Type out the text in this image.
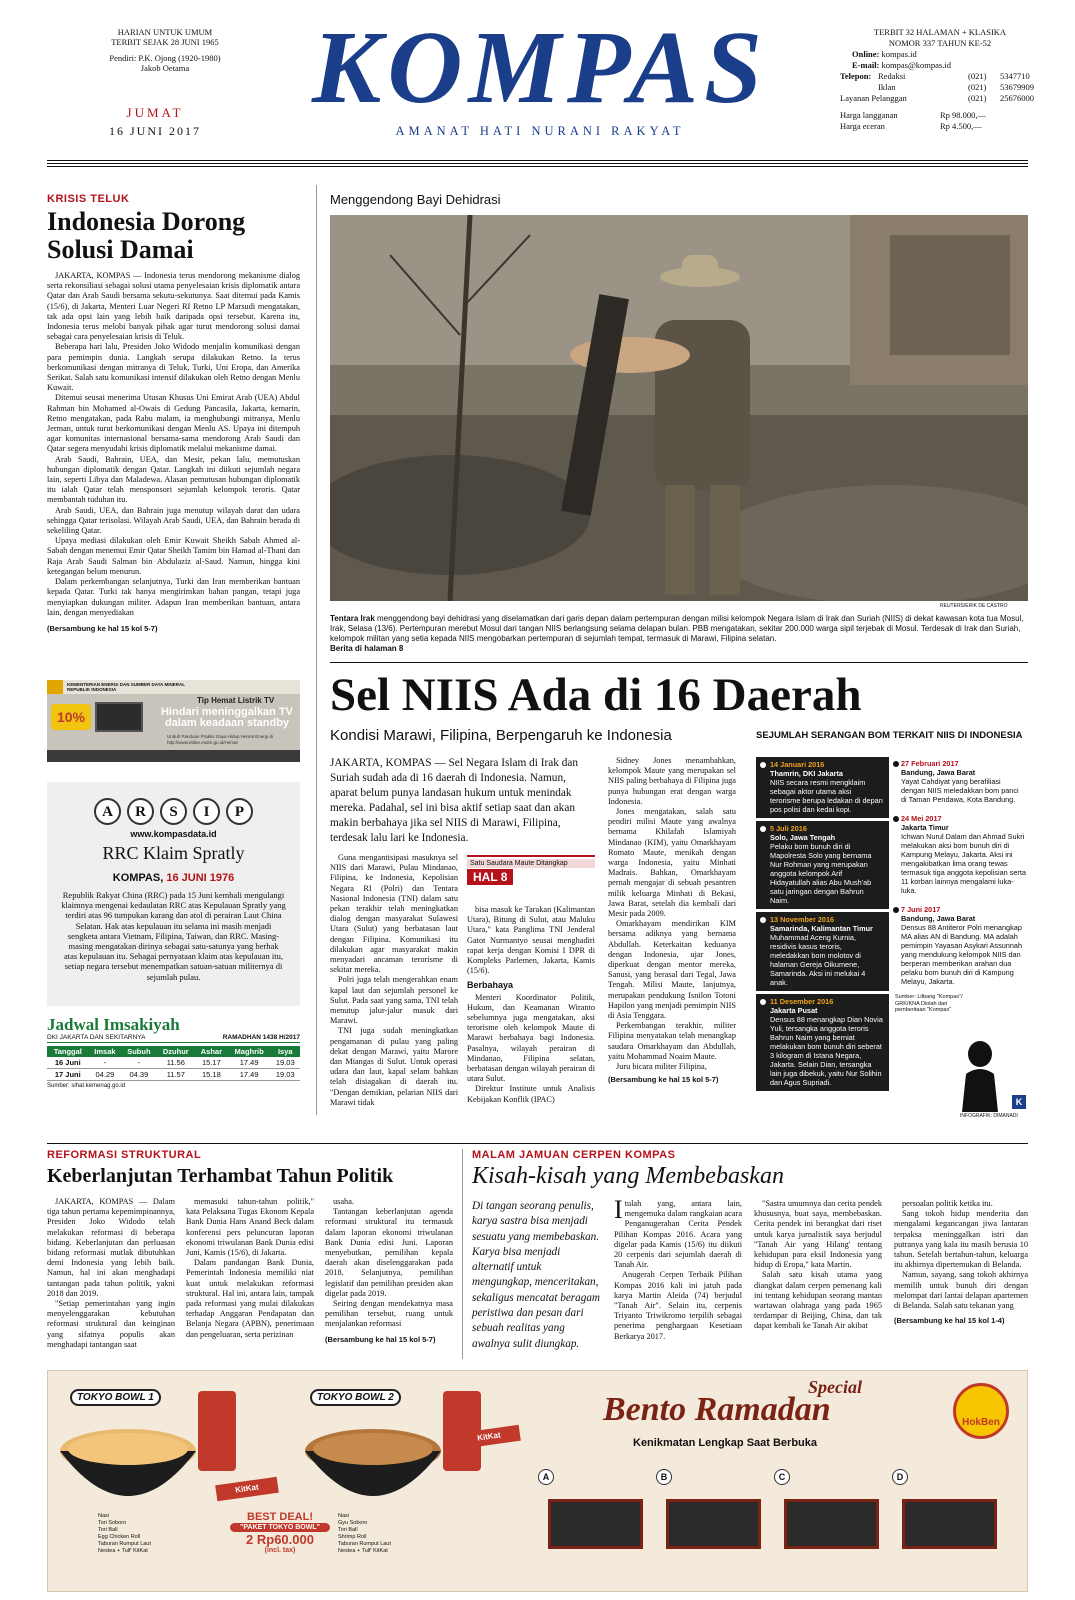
HARIAN UNTUK UMUM
TERBIT SEJAK 28 JUNI 1965
Pendiri: P.K. Ojong (1920-1980)
Jakob Oetama
JUMAT
16 JUNI 2017
KOMPAS
AMANAT HATI NURANI RAKYAT
TERBIT 32 HALAMAN + KLASIKA
NOMOR 337 TAHUN KE-52
Online: kompas.id
E-mail: kompas@kompas.id
Telepon: Redaksi	(021)	5347710
Iklan	(021)	53679909
Layanan Pelanggan	(021)	25676000
Harga langganan	Rp 98.000,—
Harga eceran	Rp 4.500,—
KRISIS TELUK
Indonesia Dorong Solusi Damai

JAKARTA, KOMPAS — Indonesia terus mendorong mekanisme dialog serta rekonsiliasi sebagai solusi utama penyelesaian krisis diplomatik antara Qatar dan Arab Saudi bersama sekutu-sekutunya. Saat ditemui pada Kamis (15/6), di Jakarta, Menteri Luar Negeri RI Retno LP Marsudi mengatakan, tak ada opsi lain yang lebih baik daripada opsi tersebut. Karena itu, Indonesia terus melobi banyak pihak agar turut mendorong solusi damai sebagai cara penyelesaian krisis di Teluk.

Beberapa hari lalu, Presiden Joko Widodo menjalin komunikasi dengan para pemimpin dunia. Langkah serupa dilakukan Retno. Ia terus berkomunikasi dengan mitranya di Teluk, Turki, Uni Eropa, dan Amerika Serikat. Salah satu komunikasi intensif dilakukan oleh Retno dengan Menlu Kuwait.

Ditemui seusai menerima Utusan Khusus Uni Emirat Arab (UEA) Abdul Rahman bin Mohamed al-Owais di Gedung Pancasila, Jakarta, kemarin, Retno mengatakan, pada Rabu malam, ia menghubungi mitranya, Menlu Jerman, untuk turut berkomunikasi dengan Menlu AS. Upaya ini ditempuh agar komunitas internasional bersama-sama mendorong Arab Saudi dan Qatar segera menyudahi krisis diplomatik melalui mekanisme damai.

Arab Saudi, Bahrain, UEA, dan Mesir, pekan lalu, memutuskan hubungan diplomatik dengan Qatar. Langkah ini diikuti sejumlah negara lain, seperti Libya dan Maladewa. Alasan pemutusan hubungan diplomatik itu ialah Qatar telah mensponsori sejumlah kelompok teroris. Qatar membantah tuduhan itu.

Arab Saudi, UEA, dan Bahrain juga menutup wilayah darat dan udara sehingga Qatar terisolasi. Wilayah Arab Saudi, UEA, dan Bahrain berada di sekeliling Qatar.

Upaya mediasi dilakukan oleh Emir Kuwait Sheikh Sabah Ahmed al-Sabah dengan menemui Emir Qatar Sheikh Tamim bin Hamad al-Thani dan Raja Arab Saudi Salman bin Abdulaziz al-Saud. Namun, hingga kini ketegangan belum menurun.

Dalam perkembangan selanjutnya, Turki dan Iran memberikan bantuan kepada Qatar. Turki tak hanya mengirimkan bahan pangan, tetapi juga menyiapkan dukungan militer. Adapun Iran memberikan bantuan, antara lain, dengan menyediakan

(Bersambung ke hal 15 kol 5-7)
KEMENTERIAN ENERGI DAN SUMBER DAYA MINERAL REPUBLIK INDONESIA
10%
Tip Hemat Listrik TV
Hindari meninggalkan TV
dalam keadaan standby
Unduh Panduan Praktis Gaya Hidup Hemat Energi di http://www.ebtke.esdm.go.id/Hemat
A	R	S	I	P
www.kompasdata.id
RRC Klaim Spratly
KOMPAS, 16 JUNI 1976
Republik Rakyat China (RRC) pada 15 Juni kembali mengulangi klaimnya mengenai kedaulatan RRC atas Kepulauan Spratly yang terdiri atas 96 tumpukan karang dan atol di perairan Laut China Selatan. Hak atas kepulauan itu selama ini masih menjadi sengketa antara Vietnam, Filipina, Taiwan, dan RRC. Masing-masing mengatakan dirinya sebagai satu-satunya yang berhak atas kepulauan itu. Sebagai pernyataan klaim atas kepulauan itu, setiap negara tersebut menempatkan satuan-satuan militernya di sejumlah pulau.
Jadwal Imsakiyah
DKI JAKARTA DAN SEKITARNYA	RAMADHAN 1438 H/2017
Tanggal	Imsak	Subuh	Dzuhur	Ashar	Maghrib	Isya
16 Juni	-	-	11.56	15.17	17.49	19.03
17 Juni	04.29	04.39	11.57	15.18	17.49	19.03
Sumber: sihat.kemenag.go.id
Menggendong Bayi Dehidrasi
REUTERS/ERIK DE CASTRO
Tentara Irak menggendong bayi dehidrasi yang diselamatkan dari garis depan dalam pertempuran dengan milisi kelompok Negara Islam di Irak dan Suriah (NIIS) di dekat kawasan kota tua Mosul, Irak, Selasa (13/6). Pertempuran merebut Mosul dari tangan NIIS berlangsung selama delapan bulan. PBB mengatakan, sekitar 200.000 warga sipil terjebak di Mosul. Terdesak di Irak dan Suriah, kelompok militan yang setia kepada NIIS mengobarkan pertempuran di sejumlah tempat, termasuk di Marawi, Filipina selatan.
Berita di halaman 8
Sel NIIS Ada di 16 Daerah
Kondisi Marawi, Filipina, Berpengaruh ke Indonesia
JAKARTA, KOMPAS — Sel Negara Islam di Irak dan Suriah sudah ada di 16 daerah di Indonesia. Namun, aparat belum punya landasan hukum untuk menindak mereka. Padahal, sel ini bisa aktif setiap saat dan akan makin berbahaya jika sel NIIS di Marawi, Filipina, terdesak lalu lari ke Indonesia.

Guna mengantisipasi masuknya sel NIIS dari Marawi, Pulau Mindanao, Filipina, ke Indonesia, Kepolisian Negara RI (Polri) dan Tentara Nasional Indonesia (TNI) dalam satu pekan terakhir telah meningkatkan dialog dengan masyarakat Sulawesi Utara (Sulut) yang berbatasan laut dengan Filipina. Komunikasi itu dilakukan agar masyarakat makin menyadari ancaman terorisme di sekitar mereka.

Polri juga telah mengerahkan enam kapal laut dan sejumlah personel ke Sulut. Pada saat yang sama, TNI telah menutup jalur-jalur masuk dari Marawi.

TNI juga sudah meningkatkan pengamanan di pulau yang paling dekat dengan Marawi, yaitu Marore dan Miangas di Sulut. Untuk operasi udara dan laut, kapal selam bahkan telah disiagakan di daerah itu. "Dengan demikian, pelarian NIIS dari Marawi tidak

Satu Saudara Maute Ditangkap
HAL 8

bisa masuk ke Tarakan (Kalimantan Utara), Bitung di Sulut, atau Maluku Utara," kata Panglima TNI Jenderal Gatot Nurmantyo seusai menghadiri rapat kerja dengan Komisi I DPR di Kompleks Parlemen, Jakarta, Kamis (15/6).

Berbahaya

Menteri Koordinator Politik, Hukum, dan Keamanan Wiranto sebelumnya juga mengatakan, aksi terorisme oleh kelompok Maute di Marawi berbahaya bagi Indonesia. Pasalnya, wilayah perairan di Mindanao, Filipina selatan, berbatasan dengan wilayah perairan di utara Sulut.

Direktur Institute untuk Analisis Kebijakan Konflik (IPAC)

Sidney Jones menambahkan, kelompok Maute yang merupakan sel NIIS paling berbahaya di Filipina juga punya hubungan erat dengan warga Indonesia.

Jones mengatakan, salah satu pendiri milisi Maute yang awalnya bernama Khilafah Islamiyah Mindanao (KIM), yaitu Omarkhayam Romato Maute, menikah dengan warga Indonesia, yaitu Minhati Madrais. Bahkan, Omarkhayam pernah mengajar di sebuah pesantren milik keluarga Minhati di Bekasi, Jawa Barat, setelah dia kembali dari Mesir pada 2009.

Omarkhayam mendirikan KIM bersama adiknya yang bernama Abdullah. Keterkaitan keduanya dengan Indonesia, ujar Jones, diperkuat dengan mentor mereka, Sanusi, yang berasal dari Tegal, Jawa Tengah. Milisi Maute, lanjutnya, merupakan pendukung Isnilon Totoni Hapilon yang menjadi pemimpin NIIS di Asia Tenggara.

Perkembangan terakhir, militer Filipina menyatakan telah menangkap saudara Omarkhayam dan Abdullah, yaitu Mohammad Noaim Maute.

Juru bicara militer Filipina,

(Bersambung ke hal 15 kol 5-7)
SEJUMLAH SERANGAN BOM TERKAIT NIIS DI INDONESIA
14 Januari 2016
Thamrin, DKI Jakarta
NIIS secara resmi mengklaim sebagai aktor utama aksi terorisme berupa ledakan di depan pos polisi dan kedai kopi.
5 Juli 2016
Solo, Jawa Tengah
Pelaku bom bunuh diri di Mapolresta Solo yang bernama Nur Rohman yang merupakan anggota kelompok Arif Hidayatullah alias Abu Mush'ab satu jaringan dengan Bahrun Naim.
13 November 2016
Samarinda, Kalimantan Timur
Muhammad Aceng Kurnia, residivis kasus teroris, meledakkan bom molotov di halaman Gereja Oikumene, Samarinda. Aksi ini melukai 4 anak.
11 Desember 2016
Jakarta Pusat
Densus 88 menangkap Dian Novia Yuli, tersangka anggota teroris Bahrun Naim yang berniat melakukan bom bunuh diri seberat 3 kilogram di Istana Negara, Jakarta. Selain Dian, tersangka lain juga dibekuk, yaitu Nur Solihin dan Agus Supriadi.
27 Februari 2017
Bandung, Jawa Barat
Yayat Cahdiyat yang berafiliasi dengan NIIS meledakkan bom panci di Taman Pendawa, Kota Bandung.
24 Mei 2017
Jakarta Timur
Ichwan Nurul Dalam dan Ahmad Sukri melakukan aksi bom bunuh diri di Kampung Melayu, Jakarta. Aksi ini mengakibatkan lima orang tewas termasuk tiga anggota kepolisian serta 11 korban lainnya mengalami luka-luka.
7 Juni 2017
Bandung, Jawa Barat
Densus 88 Antiteror Polri menangkap MA alias AN di Bandung. MA adalah pemimpin Yayasan Asykari Assunnah yang mendukung kelompok NIIS dan berperan memberikan arahan dua pelaku bom bunuh diri di Kampung Melayu, Jakarta.
Sumber: Litbang "Kompas"/ GRK/KNA Diolah dari pemberitaan "Kompas"
K
INFOGRAFIK: DIMANADI
REFORMASI STRUKTURAL
Keberlanjutan Terhambat Tahun Politik

JAKARTA, KOMPAS — Dalam tiga tahun pertama kepemimpinannya, Presiden Joko Widodo telah melakukan reformasi di beberapa bidang. Keberlanjutan dan perluasan bidang reformasi mutlak dibutuhkan demi Indonesia yang lebih baik. Namun, hal ini akan menghadapi tantangan pada tahun politik, yakni 2018 dan 2019.

"Setiap pemerintahan yang ingin menyelenggarakan kebutuhan reformasi struktural dan keinginan yang sifatnya populis akan menghadapi tantangan saat

memasuki tahun-tahun politik," kata Pelaksana Tugas Ekonom Kepala Bank Dunia Hans Anand Beck dalam konferensi pers peluncuran laporan ekonomi triwulanan Bank Dunia edisi Juni, Kamis (15/6), di Jakarta.

Dalam pandangan Bank Dunia, Pemerintah Indonesia memiliki niat kuat untuk melakukan reformasi struktural. Hal ini, antara lain, tampak pada reformasi yang mulai dilakukan terhadap Anggaran Pendapatan dan Belanja Negara (APBN), penerimaan dan pengeluaran, serta perizinan

usaha.

Tantangan keberlanjutan agenda reformasi struktural itu termasuk dalam laporan ekonomi triwulanan Bank Dunia edisi Juni. Laporan menyebutkan, pemilihan kepala daerah akan diselenggarakan pada 2018. Selanjutnya, pemilihan legislatif dan pemilihan presiden akan digelar pada 2019.

Seiring dengan mendekatnya masa pemilihan tersebut, ruang untuk menjalankan reformasi

(Bersambung ke hal 15 kol 5-7)
MALAM JAMUAN CERPEN KOMPAS
Kisah-kisah yang Membebaskan
Di tangan seorang penulis, karya sastra bisa menjadi sesuatu yang membebaskan. Karya bisa menjadi alternatif untuk mengungkap, menceritakan, sekaligus mencatat beragam peristiwa dan pesan dari sebuah realitas yang awalnya sulit diungkap.
I tulah yang, antara lain, mengemuka dalam rangkaian acara Penganugerahan Cerita Pendek Pilihan Kompas 2016. Acara yang digelar pada Kamis (15/6) itu diikuti 20 cerpenis dari sejumlah daerah di Tanah Air.

Anugerah Cerpen Terbaik Pilihan Kompas 2016 kali ini jatuh pada karya Martin Aleida (74) berjudul "Tanah Air". Selain itu, cerpenis Triyanto Triwikromo terpilih sebagai penerima penghargaan Kesetiaan Berkarya 2017.

"Sastra umumnya dan cerita pendek khususnya, buat saya, membebaskan. Cerita pendek ini berangkat dari riset untuk karya jurnalistik saya berjudul "Tanah Air yang Hilang' tentang kehidupan para eksil Indonesia yang hidup di Eropa," kata Martin.

Salah satu kisah utama yang diangkat dalam cerpen pemenang kali ini tentang kehidupan seorang mantan wartawan olahraga yang pada 1965 terdampar di Beijing, China, dan tak dapat kembali ke Tanah Air akibat

persoalan politik ketika itu.

Sang tokoh hidup menderita dan mengalami kegancangan jiwa lantaran terpaksa meninggalkan istri dan putranya yang kala itu masih berusia 10 tahun. Setelah bertahun-tahun, keluarga itu akhirnya dipertemukan di Belanda.

Namun, sayang, sang tokoh akhirnya memilih untuk bunuh diri dengan melompat dari lantai delapan apartemen di Belanda. Salah satu tekanan yang

(Bersambung ke hal 15 kol 1-4)
TOKYO BOWL 1
KitKat
Nasi
Tori Soboro
Tori Ball
Egg Chicken Roll
Taburan Rumput Laut
Nestea + Tulf' KitKat
BEST DEAL!
"PAKET TOKYO BOWL"
2 Rp60.000
(incl. tax)
TOKYO BOWL 2
KitKat
Nasi
Gyu Soboro
Tori Ball
Shrimp Roll
Taburan Rumput Laut
Nestea + Tulf' KitKat
Special
Bento Ramadan
Kenikmatan Lengkap Saat Berbuka
HokBen
A	B	C	D
